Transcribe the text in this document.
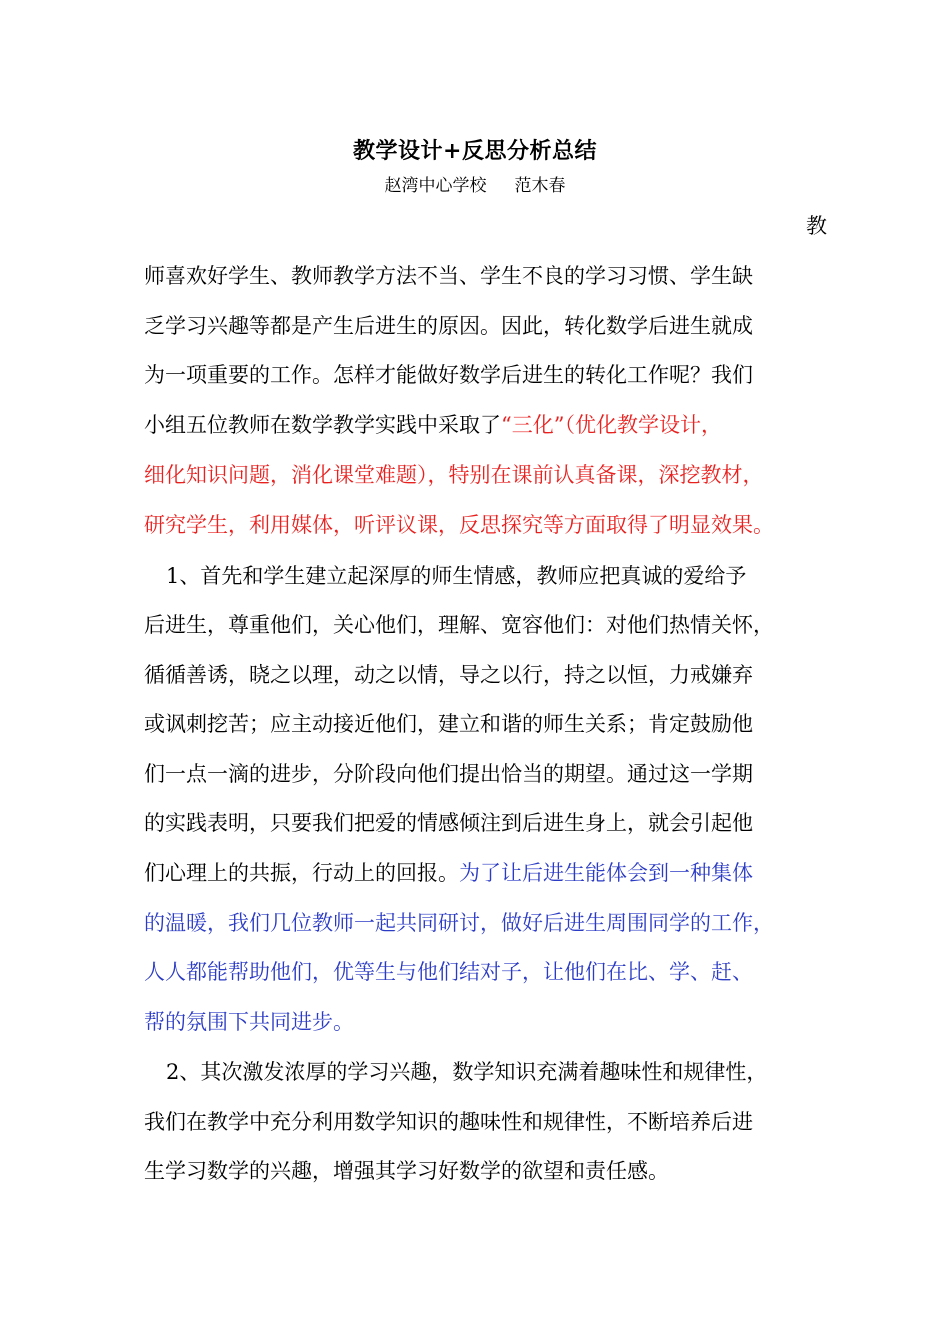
教学设计+反思分析总结
赵湾中心学校 范木春
教
师喜欢好学生、教师教学方法不当、学生不良的学习习惯、学生缺
乏学习兴趣等都是产生后进生的原因。因此，转化数学后进生就成
为一项重要的工作。怎样才能做好数学后进生的转化工作呢？我们
小组五位教师在数学教学实践中采取了“三化”（优化教学设计，
细化知识问题，消化课堂难题），特别在课前认真备课，深挖教材，
研究学生，利用媒体，听评议课，反思探究等方面取得了明显效果。
1、首先和学生建立起深厚的师生情感，教师应把真诚的爱给予
后进生，尊重他们，关心他们，理解、宽容他们：对他们热情关怀，
循循善诱，晓之以理，动之以情，导之以行，持之以恒，力戒嫌弃
或讽刺挖苦；应主动接近他们，建立和谐的师生关系；肯定鼓励他
们一点一滴的进步，分阶段向他们提出恰当的期望。通过这一学期
的实践表明，只要我们把爱的情感倾注到后进生身上，就会引起他
们心理上的共振，行动上的回报。为了让后进生能体会到一种集体
的温暖，我们几位教师一起共同研讨，做好后进生周围同学的工作，
人人都能帮助他们，优等生与他们结对子，让他们在比、学、赶、
帮的氛围下共同进步。
2、其次激发浓厚的学习兴趣，数学知识充满着趣味性和规律性，
我们在教学中充分利用数学知识的趣味性和规律性，不断培养后进
生学习数学的兴趣，增强其学习好数学的欲望和责任感。
